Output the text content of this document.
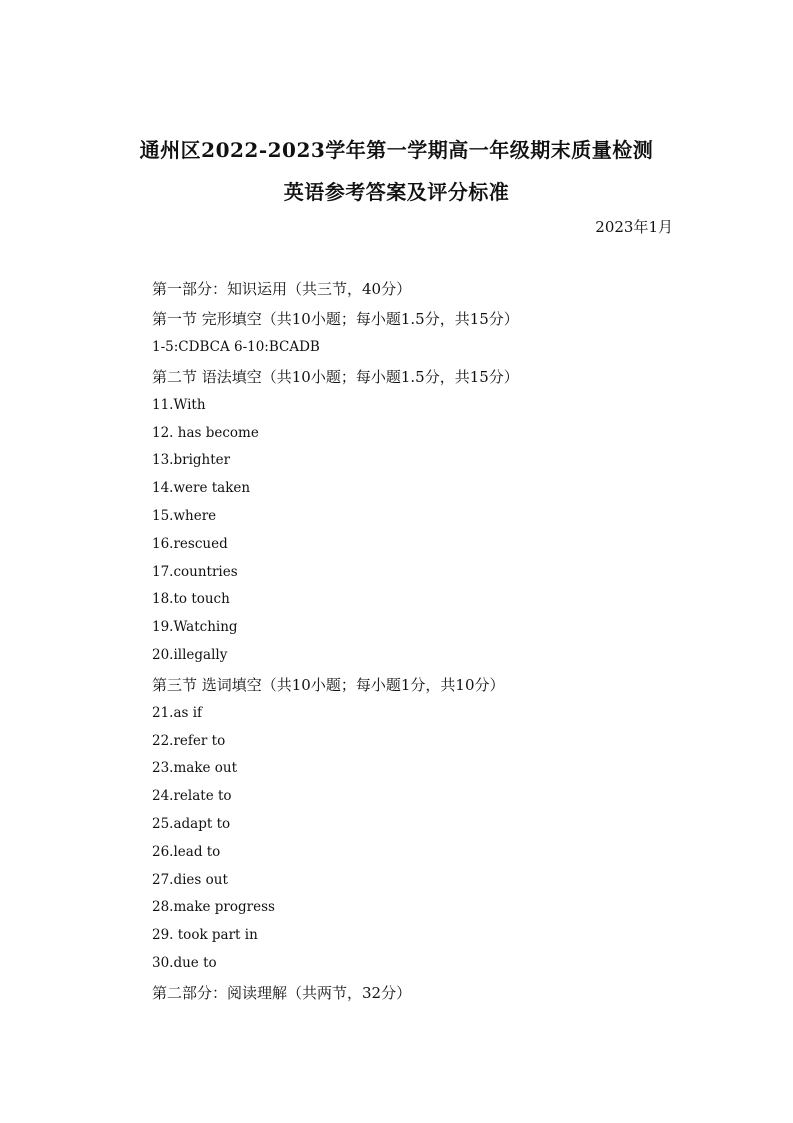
通州区2022-2023学年第一学期高一年级期末质量检测
英语参考答案及评分标准
2023年1月
第一部分：知识运用（共三节，40分）
第一节 完形填空（共10小题；每小题1.5分，共15分）
1-5:CDBCA 6-10:BCADB
第二节 语法填空（共10小题；每小题1.5分，共15分）
11.With
12. has become
13.brighter
14.were taken
15.where
16.rescued
17.countries
18.to touch
19.Watching
20.illegally
第三节 选词填空（共10小题；每小题1分，共10分）
21.as if
22.refer to
23.make out
24.relate to
25.adapt to
26.lead to
27.dies out
28.make progress
29. took part in
30.due to
第二部分：阅读理解（共两节，32分）
